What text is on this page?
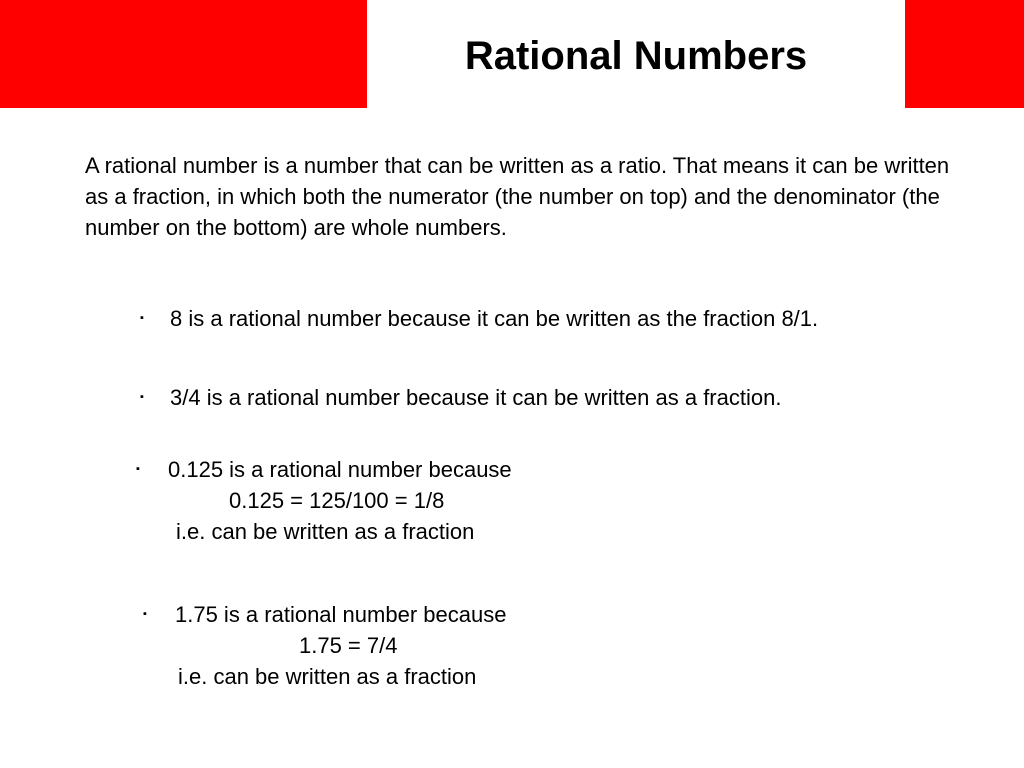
Rational Numbers
A rational number is a number that can be written as a ratio. That means it can be written as a fraction, in which both the numerator (the number on top) and the denominator (the number on the bottom) are whole numbers.
▪ 8 is a rational number because it can be written as the fraction 8/1.
▪ 3/4 is a rational number because it can be written as a fraction.
▪ 0.125 is a rational number because
0.125 = 125/100 = 1/8
i.e. can be written as a fraction
▪ 1.75 is a rational number because
1.75 = 7/4
i.e. can be written as a fraction
